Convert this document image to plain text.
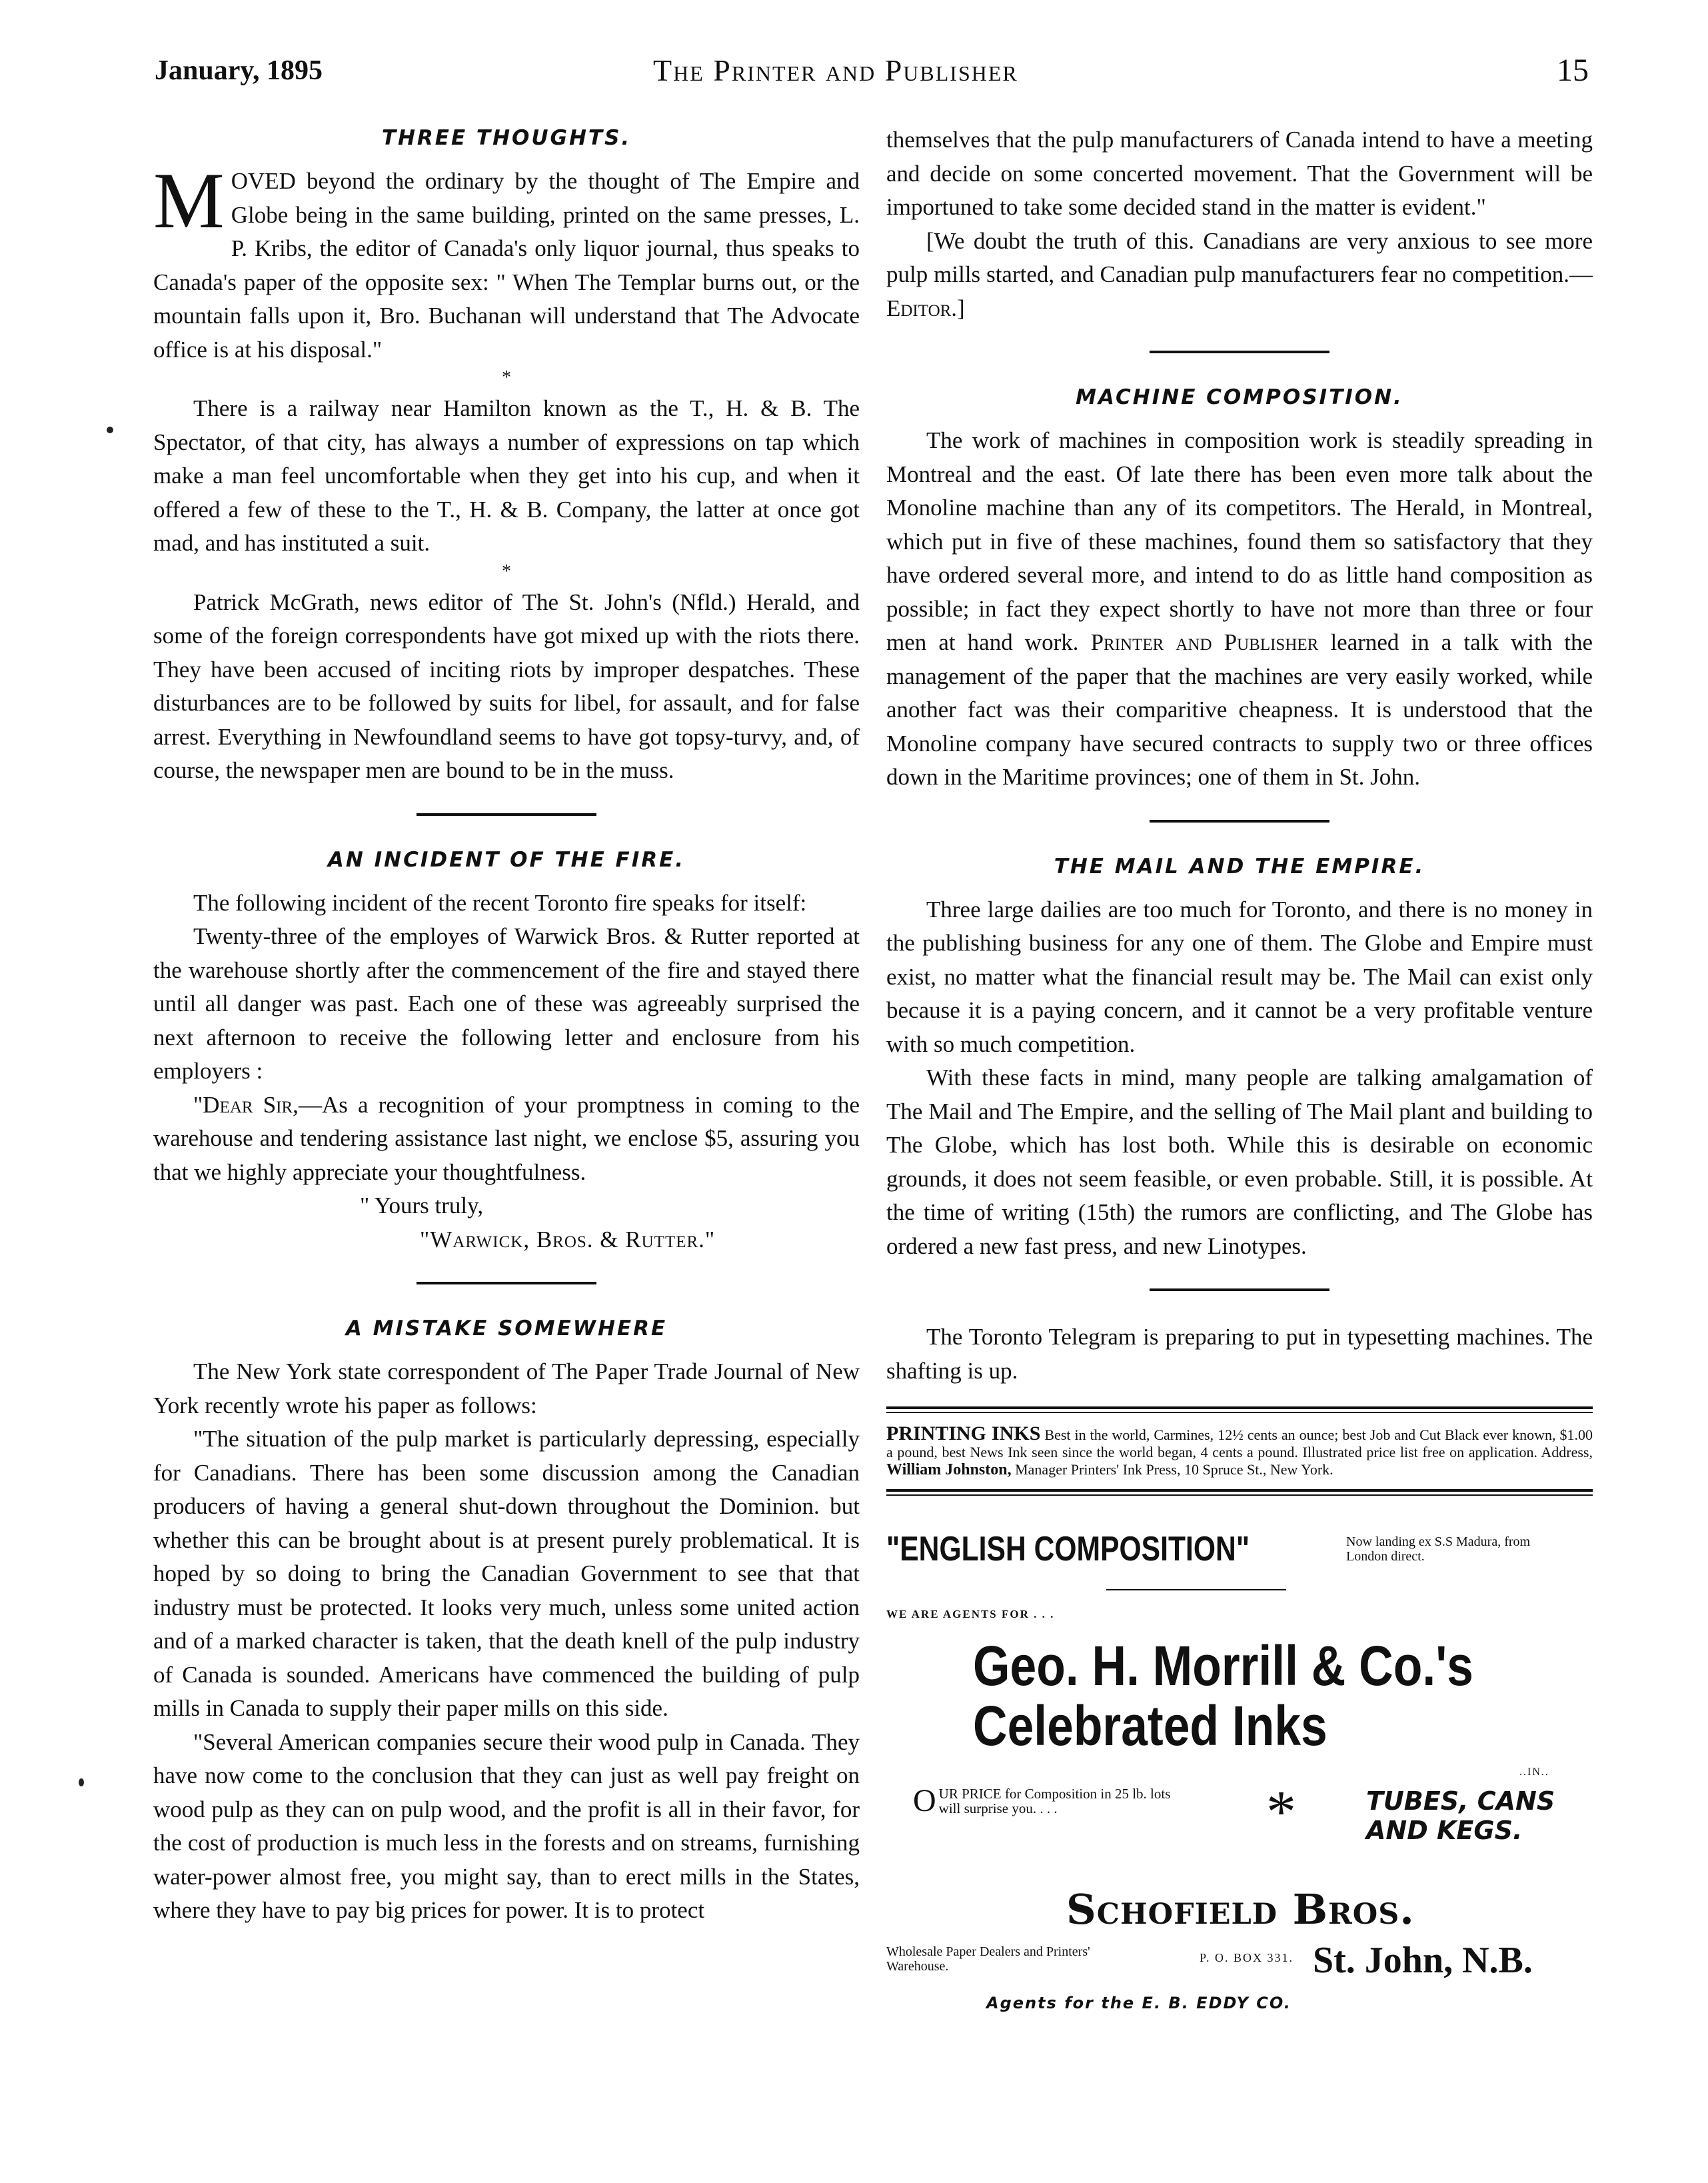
January, 1895	The Printer and Publisher	15
THREE THOUGHTS.

MOVED beyond the ordinary by the thought of The Empire and Globe being in the same building, printed on the same presses, L. P. Kribs, the editor of Canada's only liquor journal, thus speaks to Canada's paper of the opposite sex: " When The Templar burns out, or the mountain falls upon it, Bro. Buchanan will understand that The Advocate office is at his disposal."

*

There is a railway near Hamilton known as the T., H. & B. The Spectator, of that city, has always a number of expressions on tap which make a man feel uncomfortable when they get into his cup, and when it offered a few of these to the T., H. & B. Company, the latter at once got mad, and has instituted a suit.

*

Patrick McGrath, news editor of The St. John's (Nfld.) Herald, and some of the foreign correspondents have got mixed up with the riots there. They have been accused of inciting riots by improper despatches. These disturbances are to be followed by suits for libel, for assault, and for false arrest. Everything in Newfoundland seems to have got topsy-turvy, and, of course, the newspaper men are bound to be in the muss.

AN INCIDENT OF THE FIRE.

The following incident of the recent Toronto fire speaks for itself:

Twenty-three of the employes of Warwick Bros. & Rutter reported at the warehouse shortly after the commencement of the fire and stayed there until all danger was past. Each one of these was agreeably surprised the next afternoon to receive the following letter and enclosure from his employers :

"Dear Sir,—As a recognition of your promptness in coming to the warehouse and tendering assistance last night, we enclose $5, assuring you that we highly appreciate your thoughtfulness.

" Yours truly,

"Warwick, Bros. & Rutter."

A MISTAKE SOMEWHERE

The New York state correspondent of The Paper Trade Journal of New York recently wrote his paper as follows:

"The situation of the pulp market is particularly depressing, especially for Canadians. There has been some discussion among the Canadian producers of having a general shut-down throughout the Dominion. but whether this can be brought about is at present purely problematical. It is hoped by so doing to bring the Canadian Government to see that that industry must be protected. It looks very much, unless some united action and of a marked character is taken, that the death knell of the pulp industry of Canada is sounded. Americans have commenced the building of pulp mills in Canada to supply their paper mills on this side.

"Several American companies secure their wood pulp in Canada. They have now come to the conclusion that they can just as well pay freight on wood pulp as they can on pulp wood, and the profit is all in their favor, for the cost of production is much less in the forests and on streams, furnishing water-power almost free, you might say, than to erect mills in the States, where they have to pay big prices for power. It is to protect

themselves that the pulp manufacturers of Canada intend to have a meeting and decide on some concerted movement. That the Government will be importuned to take some decided stand in the matter is evident."

[We doubt the truth of this. Canadians are very anxious to see more pulp mills started, and Canadian pulp manufacturers fear no competition.—Editor.]

MACHINE COMPOSITION.

The work of machines in composition work is steadily spreading in Montreal and the east. Of late there has been even more talk about the Monoline machine than any of its competitors. The Herald, in Montreal, which put in five of these machines, found them so satisfactory that they have ordered several more, and intend to do as little hand composition as possible; in fact they expect shortly to have not more than three or four men at hand work. Printer and Publisher learned in a talk with the management of the paper that the machines are very easily worked, while another fact was their comparitive cheapness. It is understood that the Monoline company have secured contracts to supply two or three offices down in the Maritime provinces; one of them in St. John.

THE MAIL AND THE EMPIRE.

Three large dailies are too much for Toronto, and there is no money in the publishing business for any one of them. The Globe and Empire must exist, no matter what the financial result may be. The Mail can exist only because it is a paying concern, and it cannot be a very profitable venture with so much competition.

With these facts in mind, many people are talking amalgamation of The Mail and The Empire, and the selling of The Mail plant and building to The Globe, which has lost both. While this is desirable on economic grounds, it does not seem feasible, or even probable. Still, it is possible. At the time of writing (15th) the rumors are conflicting, and The Globe has ordered a new fast press, and new Linotypes.

The Toronto Telegram is preparing to put in typesetting machines. The shafting is up.

PRINTING INKS Best in the world, Carmines, 12½ cents an ounce; best Job and Cut Black ever known, $1.00 a pound, best News Ink seen since the world began, 4 cents a pound. Illustrated price list free on application. Address, William Johnston, Manager Printers' Ink Press, 10 Spruce St., New York.

"ENGLISH COMPOSITION"	Now landing ex S.S Madura, from London direct.
WE ARE AGENTS FOR . . .
Geo. H. Morrill & Co.'s
Celebrated Inks
OUR PRICE for Composition in 25 lb. lots will surprise you. . . .	*
..IN..
TUBES, CANS AND KEGS.
Schofield Bros.
Wholesale Paper Dealers and Printers' Warehouse.
P. O. BOX 331. St. John, N.B.
Agents for the E. B. EDDY CO.
